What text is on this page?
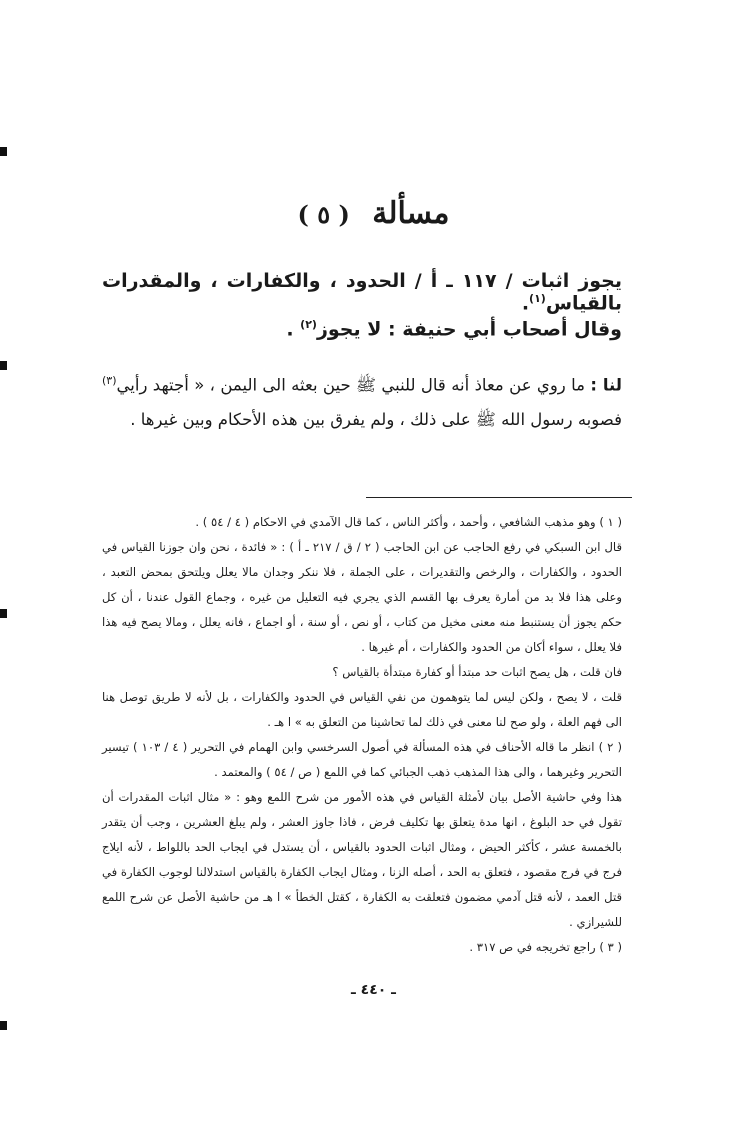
مسألة ( ٥ )
يجوز اثبات / ١١٧ ـ أ / الحدود ، والكفارات ، والمقدرات بالقياس$^{(١)}$.
وقال أصحاب أبي حنيفة : لا يجوز$^{(٢)}$ .
لنا : ما روي عن معاذ أنه قال للنبي ﷺ حين بعثه الى اليمن ، « أجتهد رأيي$^{(٣)}$ فصوبه رسول الله ﷺ على ذلك ، ولم يفرق بين هذه الأحكام وبين غيرها .

( ١ ) وهو مذهب الشافعي ، وأحمد ، وأكثر الناس ، كما قال الآمدي في الاحكام ( ٤ / ٥٤ ) .

قال ابن السبكي في رفع الحاجب عن ابن الحاجب ( ٢ / ق / ٢١٧ ـ أ ) : « فائدة ، نحن وان جوزنا القياس في الحدود ، والكفارات ، والرخص والتقديرات ، على الجملة ، فلا ننكر وجدان مالا يعلل ويلتحق بمحض التعبد ، وعلى هذا فلا بد من أمارة يعرف بها القسم الذي يجري فيه التعليل من غيره ، وجماع القول عندنا ، أن كل حكم يجوز أن يستنبط منه معنى مخيل من كتاب ، أو نص ، أو سنة ، أو اجماع ، فانه يعلل ، ومالا يصح فيه هذا فلا يعلل ، سواء أكان من الحدود والكفارات ، أم غيرها .

فان قلت ، هل يصح اثبات حد مبتدأ أو كفارة مبتدأة بالقياس ؟

قلت ، لا يصح ، ولكن ليس لما يتوهمون من نفي القياس في الحدود والكفارات ، بل لأنه لا طريق توصل هنا الى فهم العلة ، ولو صح لنا معنى في ذلك لما تحاشينا من التعلق به » ا هـ .

( ٢ ) انظر ما قاله الأحناف في هذه المسألة في أصول السرخسي وابن الهمام في التحرير ( ٤ / ١٠٣ ) تيسير التحرير وغيرهما ، والى هذا المذهب ذهب الجبائي كما في اللمع ( ص / ٥٤ ) والمعتمد .

هذا وفي حاشية الأصل بيان لأمثلة القياس في هذه الأمور من شرح اللمع وهو : « مثال اثبات المقدرات أن تقول في حد البلوغ ، انها مدة يتعلق بها تكليف فرض ، فاذا جاوز العشر ، ولم يبلغ العشرين ، وجب أن يتقدر بالخمسة عشر ، كأكثر الحيض ، ومثال اثبات الحدود بالقياس ، أن يستدل في ايجاب الحد باللواط ، لأنه ايلاج فرج في فرج مقصود ، فتعلق به الحد ، أصله الزنا ، ومثال ايجاب الكفارة بالقياس استدلالنا لوجوب الكفارة في قتل العمد ، لأنه قتل آدمي مضمون فتعلقت به الكفارة ، كقتل الخطأ » ا هـ من حاشية الأصل عن شرح اللمع للشيرازي .

( ٣ ) راجع تخريجه في ص ٣١٧ .

ـ ٤٤٠ ـ
